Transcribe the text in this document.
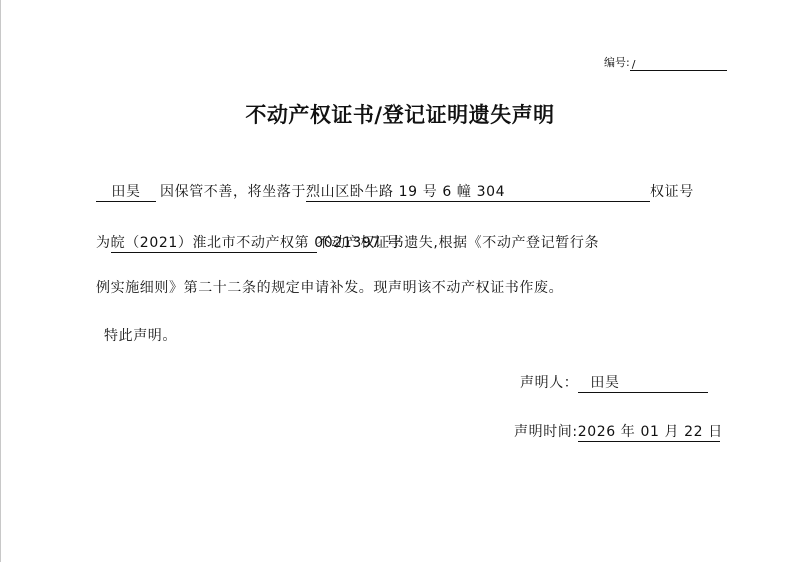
编号: /
不动产权证书/登记证明遗失声明
田昊 因保管不善，将坐落于烈山区卧牛路 19 号 6 幢 304	权证号
为皖（2021）淮北市不动产权第 0021397 号不动产权证书遗失,根据《不动产登记暂行条
例实施细则》第二十二条的规定申请补发。现声明该不动产权证书作废。
特此声明。
声明人： 田昊
声明时间:2026 年 01 月 22 日
